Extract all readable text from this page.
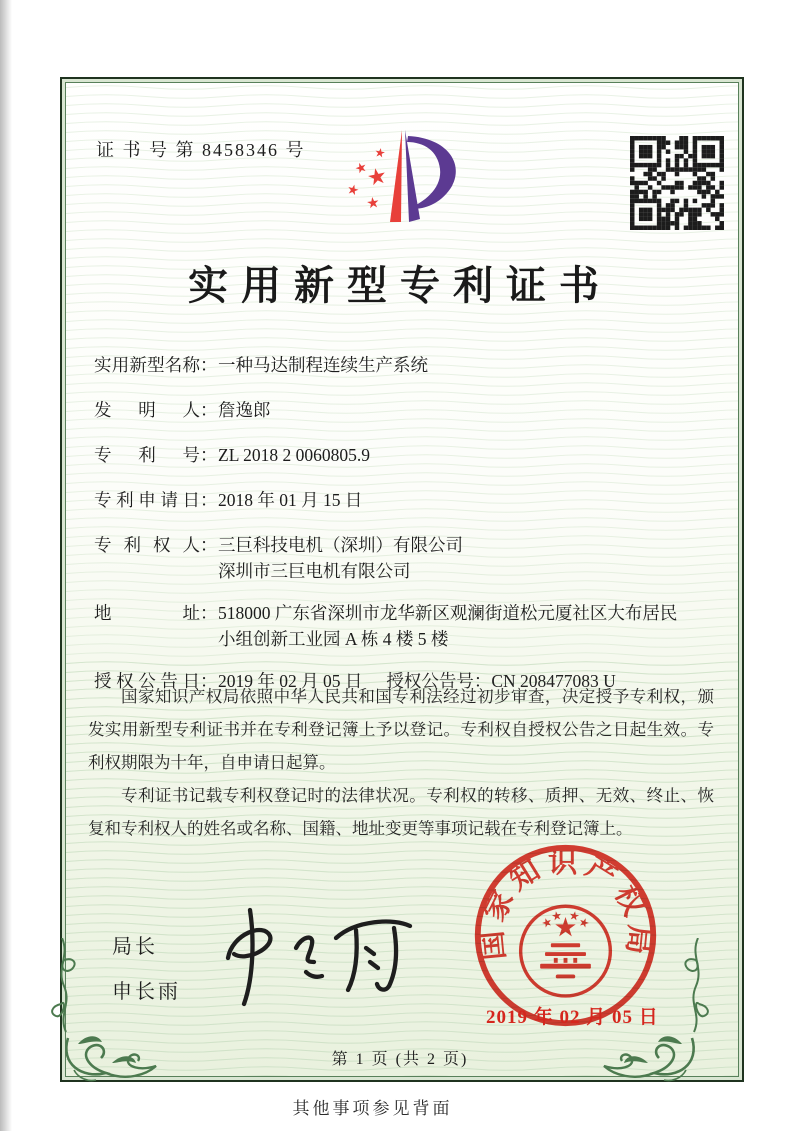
证 书 号 第 8458346 号
实用新型专利证书
实用新型名称 ： 一种马达制程连续生产系统
发明人 ： 詹逸郎
专利号 ： ZL 2018 2 0060805.9
专利申请日 ： 2018 年 01 月 15 日
专利权人 ： 三巨科技电机（深圳）有限公司
深圳市三巨电机有限公司
地址 ： 518000 广东省深圳市龙华新区观澜街道松元厦社区大布居民小组创新工业园 A 栋 4 楼 5 楼
授权公告日 ： 2019 年 02 月 05 日 授权公告号 ： CN 208477083 U

国家知识产权局依照中华人民共和国专利法经过初步审查，决定授予专利权，颁发实用新型专利证书并在专利登记簿上予以登记。专利权自授权公告之日起生效。专利权期限为十年，自申请日起算。

专利证书记载专利权登记时的法律状况。专利权的转移、质押、无效、终止、恢复和专利权人的姓名或名称、国籍、地址变更等事项记载在专利登记簿上。

局长
申长雨
国家知识产权局
2019 年 02 月 05 日
第 1 页 (共 2 页)
其他事项参见背面
